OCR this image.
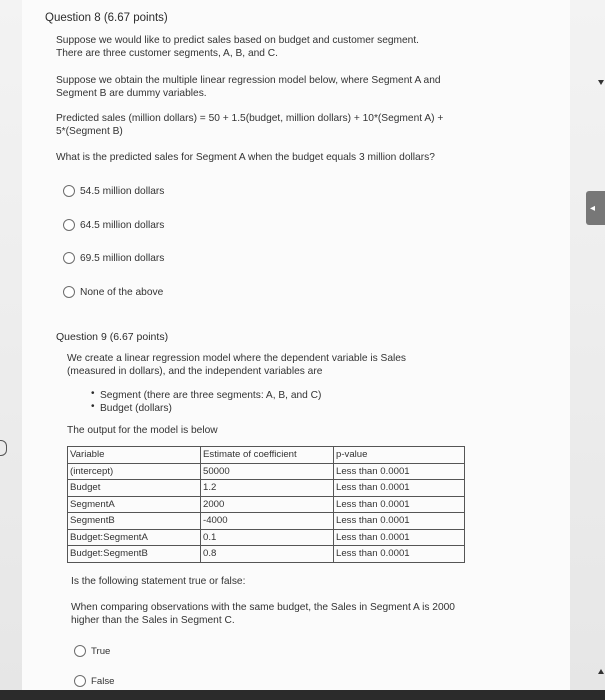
Question 8 (6.67 points)
Suppose we would like to predict sales based on budget and customer segment.
There are three customer segments, A, B, and C.
Suppose we obtain the multiple linear regression model below, where Segment A and
Segment B are dummy variables.
Predicted sales (million dollars) = 50 + 1.5(budget, million dollars) + 10*(Segment A) +
5*(Segment B)
What is the predicted sales for Segment A when the budget equals 3 million dollars?
54.5 million dollars
64.5 million dollars
69.5 million dollars
None of the above
Question 9 (6.67 points)
We create a linear regression model where the dependent variable is Sales
(measured in dollars), and the independent variables are
• Segment (there are three segments: A, B, and C)
• Budget (dollars)
The output for the model is below
Variable	Estimate of coefficient	p-value
(intercept)	50000	Less than 0.0001
Budget	1.2	Less than 0.0001
SegmentA	2000	Less than 0.0001
SegmentB	-4000	Less than 0.0001
Budget:SegmentA	0.1	Less than 0.0001
Budget:SegmentB	0.8	Less than 0.0001
Is the following statement true or false:
When comparing observations with the same budget, the Sales in Segment A is 2000
higher than the Sales in Segment C.
True
False
◂
